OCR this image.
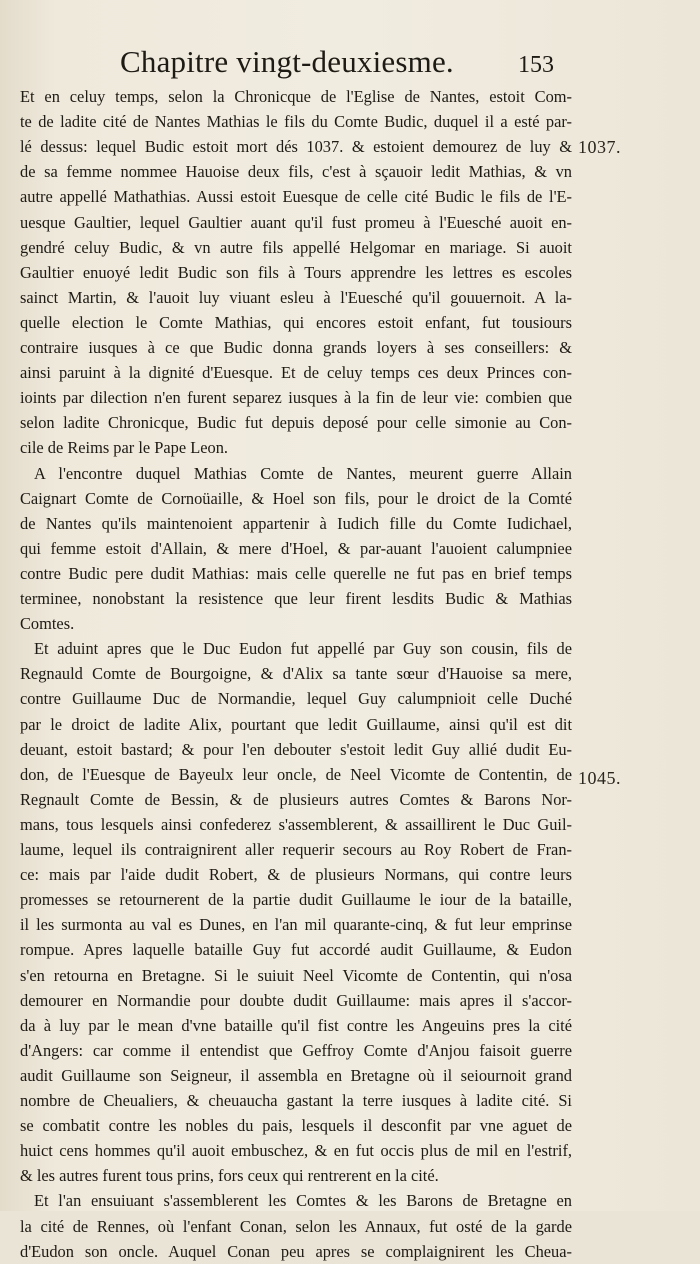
Chapitre vingt-deuxiesme.	153
1037.
1045.
Et en celuy temps, selon la Chronicque de l'Eglise de Nantes, estoit Com-
te de ladite cité de Nantes Mathias le fils du Comte Budic, duquel il a esté par-
lé dessus: lequel Budic estoit mort dés 1037. & estoient demourez de luy &
de sa femme nommee Hauoise deux fils, c'est à sçauoir ledit Mathias, & vn
autre appellé Mathathias. Aussi estoit Euesque de celle cité Budic le fils de l'E-
uesque Gaultier, lequel Gaultier auant qu'il fust promeu à l'Euesché auoit en-
gendré celuy Budic, & vn autre fils appellé Helgomar en mariage. Si auoit
Gaultier enuoyé ledit Budic son fils à Tours apprendre les lettres es escoles
sainct Martin, & l'auoit luy viuant esleu à l'Euesché qu'il gouuernoit. A la-
quelle election le Comte Mathias, qui encores estoit enfant, fut tousiours
contraire iusques à ce que Budic donna grands loyers à ses conseillers: &
ainsi paruint à la dignité d'Euesque. Et de celuy temps ces deux Princes con-
ioints par dilection n'en furent separez iusques à la fin de leur vie: combien que
selon ladite Chronicque, Budic fut depuis deposé pour celle simonie au Con-
cile de Reims par le Pape Leon.
A l'encontre duquel Mathias Comte de Nantes, meurent guerre Allain
Caignart Comte de Cornoüaille, & Hoel son fils, pour le droict de la Comté
de Nantes qu'ils maintenoient appartenir à Iudich fille du Comte Iudichael,
qui femme estoit d'Allain, & mere d'Hoel, & par-auant l'auoient calumpniee
contre Budic pere dudit Mathias: mais celle querelle ne fut pas en brief temps
terminee, nonobstant la resistence que leur firent lesdits Budic & Mathias
Comtes.
Et aduint apres que le Duc Eudon fut appellé par Guy son cousin, fils de
Regnauld Comte de Bourgoigne, & d'Alix sa tante sœur d'Hauoise sa mere,
contre Guillaume Duc de Normandie, lequel Guy calumpnioit celle Duché
par le droict de ladite Alix, pourtant que ledit Guillaume, ainsi qu'il est dit
deuant, estoit bastard; & pour l'en debouter s'estoit ledit Guy allié dudit Eu-
don, de l'Euesque de Bayeulx leur oncle, de Neel Vicomte de Contentin, de
Regnault Comte de Bessin, & de plusieurs autres Comtes & Barons Nor-
mans, tous lesquels ainsi confederez s'assemblerent, & assaillirent le Duc Guil-
laume, lequel ils contraignirent aller requerir secours au Roy Robert de Fran-
ce: mais par l'aide dudit Robert, & de plusieurs Normans, qui contre leurs
promesses se retournerent de la partie dudit Guillaume le iour de la bataille,
il les surmonta au val es Dunes, en l'an mil quarante-cinq, & fut leur emprinse
rompue. Apres laquelle bataille Guy fut accordé audit Guillaume, & Eudon
s'en retourna en Bretagne. Si le suiuit Neel Vicomte de Contentin, qui n'osa
demourer en Normandie pour doubte dudit Guillaume: mais apres il s'accor-
da à luy par le mean d'vne bataille qu'il fist contre les Angeuins pres la cité
d'Angers: car comme il entendist que Geffroy Comte d'Anjou faisoit guerre
audit Guillaume son Seigneur, il assembla en Bretagne où il seiournoit grand
nombre de Cheualiers, & cheuaucha gastant la terre iusques à ladite cité. Si
se combatit contre les nobles du pais, lesquels il desconfit par vne aguet de
huict cens hommes qu'il auoit embuschez, & en fut occis plus de mil en l'estrif,
& les autres furent tous prins, fors ceux qui rentrerent en la cité.
Et l'an ensuiuant s'assemblerent les Comtes & les Barons de Bretagne en
la cité de Rennes, où l'enfant Conan, selon les Annaux, fut osté de la garde
d'Eudon son oncle. Auquel Conan peu apres se complaignirent les Cheua-
